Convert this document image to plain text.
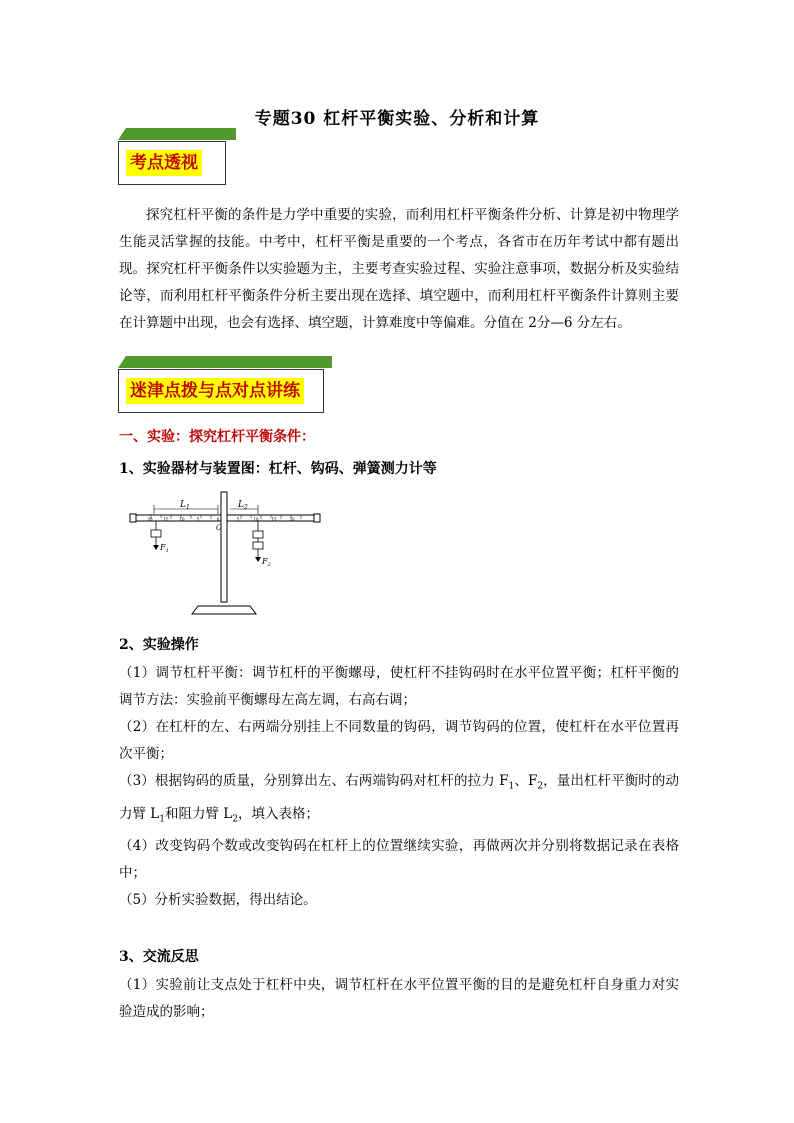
专题30 杠杆平衡实验、分析和计算
考点透视

探究杠杆平衡的条件是力学中重要的实验，而利用杠杆平衡条件分析、计算是初中物理学生能灵活掌握的技能。中考中，杠杆平衡是重要的一个考点，各省市在历年考试中都有题出现。探究杠杆平衡条件以实验题为主，主要考查实验过程、实验注意事项，数据分析及实验结论等，而利用杠杆平衡条件分析主要出现在选择、填空题中，而利用杠杆平衡条件计算则主要在计算题中出现，也会有选择、填空题，计算难度中等偏难。分值在 2分—6 分左右。

迷津点拨与点对点讲练
一、实验：探究杠杆平衡条件：
1、实验器材与装置图：杠杆、钩码、弹簧测力计等
20	15	10	5	0	5	10	15	20
$L_1$	$L_2$
O
$F_1$
$F_2$
2、实验操作

（1）调节杠杆平衡：调节杠杆的平衡螺母，使杠杆不挂钩码时在水平位置平衡；杠杆平衡的调节方法：实验前平衡螺母左高左调，右高右调；

（2）在杠杆的左、右两端分别挂上不同数量的钩码，调节钩码的位置，使杠杆在水平位置再次平衡；

（3）根据钩码的质量，分别算出左、右两端钩码对杠杆的拉力 $F_1$、$F_2$，量出杠杆平衡时的动力臂 $L_1$和阻力臂 $L_2$，填入表格；

（4）改变钩码个数或改变钩码在杠杆上的位置继续实验，再做两次并分别将数据记录在表格中；

（5）分析实验数据，得出结论。

3、交流反思

（1）实验前让支点处于杠杆中央，调节杠杆在水平位置平衡的目的是避免杠杆自身重力对实验造成的影响；
